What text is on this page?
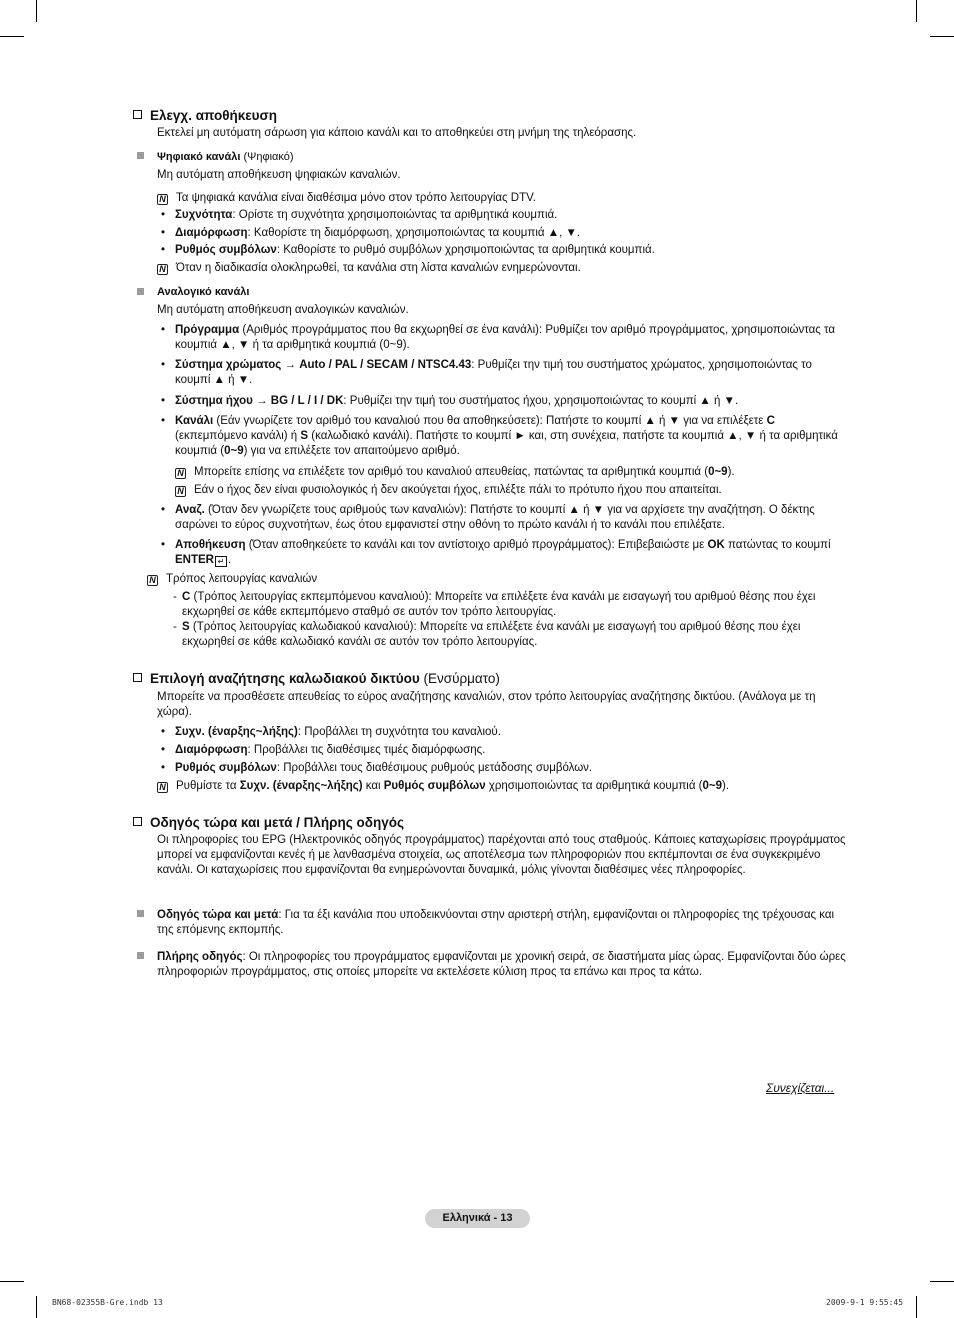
Ελεγχ. αποθήκευση
Εκτελεί μη αυτόματη σάρωση για κάποιο κανάλι και το αποθηκεύει στη μνήμη της τηλεόρασης.
Ψηφιακό κανάλι (Ψηφιακό)
Μη αυτόματη αποθήκευση ψηφιακών καναλιών.
N Τα ψηφιακά κανάλια είναι διαθέσιμα μόνο στον τρόπο λειτουργίας DTV.
• Συχνότητα: Ορίστε τη συχνότητα χρησιμοποιώντας τα αριθμητικά κουμπιά.
• Διαμόρφωση: Καθορίστε τη διαμόρφωση, χρησιμοποιώντας τα κουμπιά ▲, ▼.
• Ρυθμός συμβόλων: Καθορίστε το ρυθμό συμβόλων χρησιμοποιώντας τα αριθμητικά κουμπιά.
N Όταν η διαδικασία ολοκληρωθεί, τα κανάλια στη λίστα καναλιών ενημερώνονται.
Αναλογικό κανάλι
Μη αυτόματη αποθήκευση αναλογικών καναλιών.
• Πρόγραμμα (Αριθμός προγράμματος που θα εκχωρηθεί σε ένα κανάλι): Ρυθμίζει τον αριθμό προγράμματος, χρησιμοποιώντας τα κουμπιά ▲, ▼ ή τα αριθμητικά κουμπιά (0~9).
• Σύστημα χρώματος → Auto / PAL / SECAM / NTSC4.43: Ρυθμίζει την τιμή του συστήματος χρώματος, χρησιμοποιώντας το κουμπί ▲ ή ▼.
• Σύστημα ήχου → BG / L / I / DK: Ρυθμίζει την τιμή του συστήματος ήχου, χρησιμοποιώντας το κουμπί ▲ ή ▼.
• Κανάλι (Εάν γνωρίζετε τον αριθμό του καναλιού που θα αποθηκεύσετε): Πατήστε το κουμπί ▲ ή ▼ για να επιλέξετε C (εκπεμπόμενο κανάλι) ή S (καλωδιακό κανάλι). Πατήστε το κουμπί ► και, στη συνέχεια, πατήστε τα κουμπιά ▲, ▼ ή τα αριθμητικά κουμπιά (0~9) για να επιλέξετε τον απαιτούμενο αριθμό.
N Μπορείτε επίσης να επιλέξετε τον αριθμό του καναλιού απευθείας, πατώντας τα αριθμητικά κουμπιά (0~9).
N Εάν ο ήχος δεν είναι φυσιολογικός ή δεν ακούγεται ήχος, επιλέξτε πάλι το πρότυπο ήχου που απαιτείται.
• Αναζ. (Όταν δεν γνωρίζετε τους αριθμούς των καναλιών): Πατήστε το κουμπί ▲ ή ▼ για να αρχίσετε την αναζήτηση. Ο δέκτης σαρώνει το εύρος συχνοτήτων, έως ότου εμφανιστεί στην οθόνη το πρώτο κανάλι ή το κανάλι που επιλέξατε.
• Αποθήκευση (Όταν αποθηκεύετε το κανάλι και τον αντίστοιχο αριθμό προγράμματος): Επιβεβαιώστε με OK πατώντας το κουμπί ENTER ↵ .
N Τρόπος λειτουργίας καναλιών
- C (Τρόπος λειτουργίας εκπεμπόμενου καναλιού): Μπορείτε να επιλέξετε ένα κανάλι με εισαγωγή του αριθμού θέσης που έχει εκχωρηθεί σε κάθε εκπεμπόμενο σταθμό σε αυτόν τον τρόπο λειτουργίας.
- S (Τρόπος λειτουργίας καλωδιακού καναλιού): Μπορείτε να επιλέξετε ένα κανάλι με εισαγωγή του αριθμού θέσης που έχει εκχωρηθεί σε κάθε καλωδιακό κανάλι σε αυτόν τον τρόπο λειτουργίας.
Επιλογή αναζήτησης καλωδιακού δικτύου (Ενσύρματο)
Μπορείτε να προσθέσετε απευθείας το εύρος αναζήτησης καναλιών, στον τρόπο λειτουργίας αναζήτησης δικτύου. (Ανάλογα με τη χώρα).
• Συχν. (έναρξης~λήξης): Προβάλλει τη συχνότητα του καναλιού.
• Διαμόρφωση: Προβάλλει τις διαθέσιμες τιμές διαμόρφωσης.
• Ρυθμός συμβόλων: Προβάλλει τους διαθέσιμους ρυθμούς μετάδοσης συμβόλων.
N Ρυθμίστε τα Συχν. (έναρξης~λήξης) και Ρυθμός συμβόλων χρησιμοποιώντας τα αριθμητικά κουμπιά (0~9).
Οδηγός τώρα και μετά / Πλήρης οδηγός
Οι πληροφορίες του EPG (Ηλεκτρονικός οδηγός προγράμματος) παρέχονται από τους σταθμούς. Κάποιες καταχωρίσεις προγράμματος μπορεί να εμφανίζονται κενές ή με λανθασμένα στοιχεία, ως αποτέλεσμα των πληροφοριών που εκπέμπονται σε ένα συγκεκριμένο κανάλι. Οι καταχωρίσεις που εμφανίζονται θα ενημερώνονται δυναμικά, μόλις γίνονται διαθέσιμες νέες πληροφορίες.
Οδηγός τώρα και μετά: Για τα έξι κανάλια που υποδεικνύονται στην αριστερή στήλη, εμφανίζονται οι πληροφορίες της τρέχουσας και της επόμενης εκπομπής.
Πλήρης οδηγός: Οι πληροφορίες του προγράμματος εμφανίζονται με χρονική σειρά, σε διαστήματα μίας ώρας. Εμφανίζονται δύο ώρες πληροφοριών προγράμματος, στις οποίες μπορείτε να εκτελέσετε κύλιση προς τα επάνω και προς τα κάτω.
Συνεχίζεται...
Ελληνικά - 13
BN68-02355B-Gre.indb 13	2009-9-1 9:55:45
